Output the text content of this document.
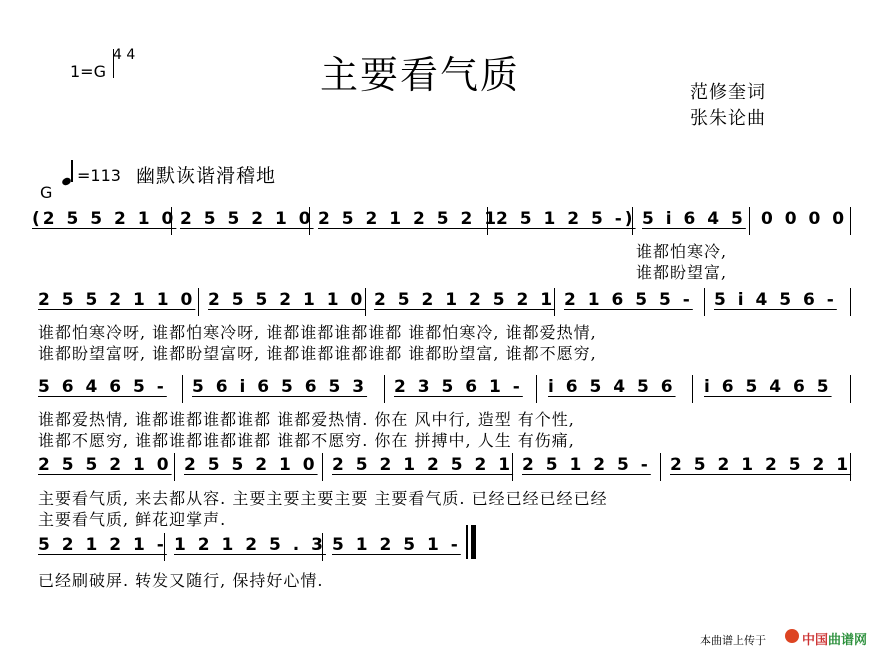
主要看气质
1=G
4 4
范修奎词
张朱论曲
=113 幽默诙谐滑稽地
G
(2 5 5 2 1 0 2 5 5 2 1 0 2 5 2 1 2 5 2 1
2 5 1 2 5 -) 5 i 6 4 5 0 0 0 0
谁都怕寒冷,
谁都盼望富,
2 5 5 2 1 1 0 2 5 5 2 1 1 0 2 5 2 1 2 5 2 1 2 1 6 5 5 - 5 i 4 5 6 -
谁都怕寒冷呀, 谁都怕寒冷呀, 谁都谁都谁都谁都 谁都怕寒冷, 谁都爱热情,
谁都盼望富呀, 谁都盼望富呀, 谁都谁都谁都谁都 谁都盼望富, 谁都不愿穷,
5 6 4 6 5 - 5 6 i 6 5 6 5 3 2 3 5 6 1 - i 6 5 4 5 6 i 6 5 4 6 5
谁都爱热情, 谁都谁都谁都谁都 谁都爱热情. 你在 风中行, 造型 有个性,
谁都不愿穷, 谁都谁都谁都谁都 谁都不愿穷. 你在 拼搏中, 人生 有伤痛,
2 5 5 2 1 0 2 5 5 2 1 0 2 5 2 1 2 5 2 1 2 5 1 2 5 - 2 5 2 1 2 5 2 1
主要看气质, 来去都从容. 主要主要主要主要 主要看气质. 已经已经已经已经
主要看气质, 鲜花迎掌声.
5 2 1 2 1 - 1 2 1 2 5 . 3 5 1 2 5 1 -
已经刷破屏. 转发又随行, 保持好心情.
本曲谱上传于	中国曲谱网
